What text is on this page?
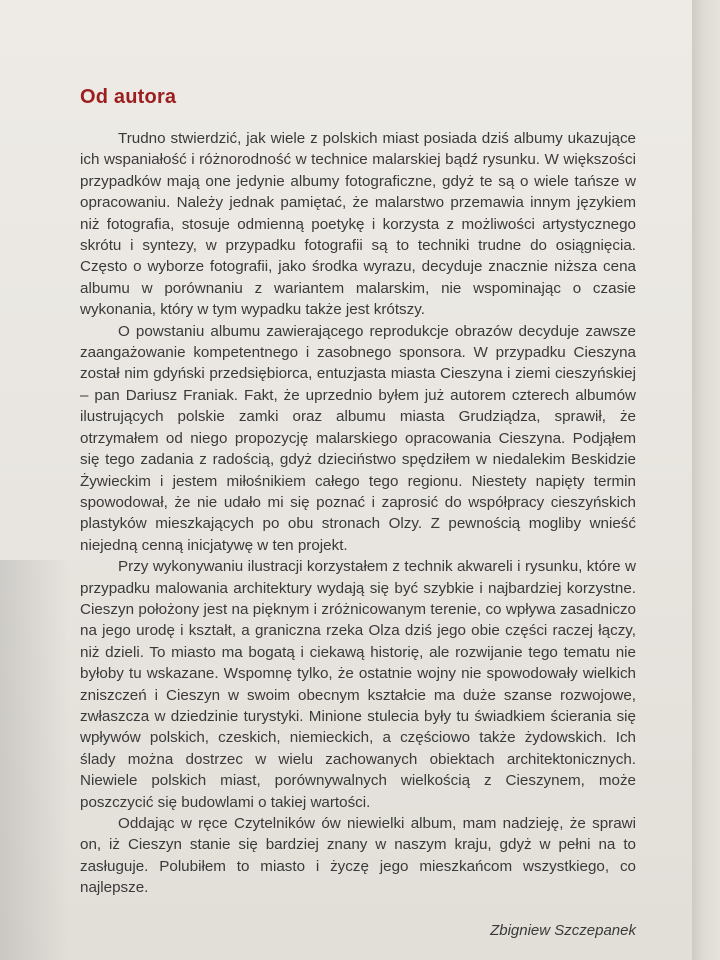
Od autora

Trudno stwierdzić, jak wiele z polskich miast posiada dziś albumy ukazujące ich wspaniałość i różnorodność w technice malarskiej bądź rysunku. W większości przypadków mają one jedynie albumy fotograficzne, gdyż te są o wiele tańsze w opracowaniu. Należy jednak pamiętać, że malarstwo przemawia innym językiem niż fotografia, stosuje odmienną poetykę i korzysta z możliwości artystycznego skrótu i syntezy, w przypadku fotografii są to techniki trudne do osiągnięcia. Często o wyborze fotografii, jako środka wyrazu, decyduje znacznie niższa cena albumu w porównaniu z wariantem malarskim, nie wspominając o czasie wykonania, który w tym wypadku także jest krótszy.

O powstaniu albumu zawierającego reprodukcje obrazów decyduje zawsze zaangażowanie kompetentnego i zasobnego sponsora. W przypadku Cieszyna został nim gdyński przedsiębiorca, entuzjasta miasta Cieszyna i ziemi cieszyńskiej – pan Dariusz Franiak. Fakt, że uprzednio byłem już autorem czterech albumów ilustrujących polskie zamki oraz albumu miasta Grudziądza, sprawił, że otrzymałem od niego propozycję malarskiego opracowania Cieszyna. Podjąłem się tego zadania z radością, gdyż dzieciństwo spędziłem w niedalekim Beskidzie Żywieckim i jestem miłośnikiem całego tego regionu. Niestety napięty termin spowodował, że nie udało mi się poznać i zaprosić do współpracy cieszyńskich plastyków mieszkających po obu stronach Olzy. Z pewnością mogliby wnieść niejedną cenną inicjatywę w ten projekt.

Przy wykonywaniu ilustracji korzystałem z technik akwareli i rysunku, które w przypadku malowania architektury wydają się być szybkie i najbardziej korzystne. Cieszyn położony jest na pięknym i zróżnicowanym terenie, co wpływa zasadniczo na jego urodę i kształt, a graniczna rzeka Olza dziś jego obie części raczej łączy, niż dzieli. To miasto ma bogatą i ciekawą historię, ale rozwijanie tego tematu nie byłoby tu wskazane. Wspomnę tylko, że ostatnie wojny nie spowodowały wielkich zniszczeń i Cieszyn w swoim obecnym kształcie ma duże szanse rozwojowe, zwłaszcza w dziedzinie turystyki. Minione stulecia były tu świadkiem ścierania się wpływów polskich, czeskich, niemieckich, a częściowo także żydowskich. Ich ślady można dostrzec w wielu zachowanych obiektach architektonicznych. Niewiele polskich miast, porównywalnych wielkością z Cieszynem, może poszczycić się budowlami o takiej wartości.

Oddając w ręce Czytelników ów niewielki album, mam nadzieję, że sprawi on, iż Cieszyn stanie się bardziej znany w naszym kraju, gdyż w pełni na to zasługuje. Polubiłem to miasto i życzę jego mieszkańcom wszystkiego, co najlepsze.

Zbigniew Szczepanek
